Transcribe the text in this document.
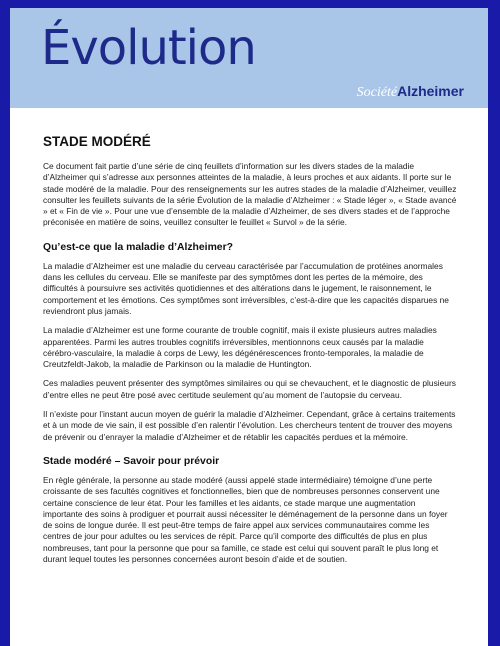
Évolution
SociétéAlzheimer
STADE MODÉRÉ

Ce document fait partie d’une série de cinq feuillets d’information sur les divers stades de la maladie d’Alzheimer qui s’adresse aux personnes atteintes de la maladie, à leurs proches et aux aidants. Il porte sur le stade modéré de la maladie. Pour des renseignements sur les autres stades de la maladie d’Alzheimer, veuillez consulter les feuillets suivants de la série Évolution de la maladie d’Alzheimer : « Stade léger », « Stade avancé » et « Fin de vie ». Pour une vue d’ensemble de la maladie d’Alzheimer, de ses divers stades et de l’approche préconisée en matière de soins, veuillez consulter le feuillet « Survol » de la série.

Qu’est-ce que la maladie d’Alzheimer?

La maladie d’Alzheimer est une maladie du cerveau caractérisée par l’accumulation de protéines anormales dans les cellules du cerveau. Elle se manifeste par des symptômes dont les pertes de la mémoire, des difficultés à poursuivre ses activités quotidiennes et des altérations dans le jugement, le raisonnement, le comportement et les émotions. Ces symptômes sont irréversibles, c’est-à-dire que les capacités disparues ne reviendront plus jamais.

La maladie d’Alzheimer est une forme courante de trouble cognitif, mais il existe plusieurs autres maladies apparentées. Parmi les autres troubles cognitifs irréversibles, mentionnons ceux causés par la maladie cérébro-vasculaire, la maladie à corps de Lewy, les dégénérescences fronto-temporales, la maladie de Creutzfeldt-Jakob, la maladie de Parkinson ou la maladie de Huntington.

Ces maladies peuvent présenter des symptômes similaires ou qui se chevauchent, et le diagnostic de plusieurs d’entre elles ne peut être posé avec certitude seulement qu’au moment de l’autopsie du cerveau.

Il n’existe pour l’instant aucun moyen de guérir la maladie d’Alzheimer. Cependant, grâce à certains traitements et à un mode de vie sain, il est possible d’en ralentir l’évolution. Les chercheurs tentent de trouver des moyens de prévenir ou d’enrayer la maladie d’Alzheimer et de rétablir les capacités perdues et la mémoire.

Stade modéré – Savoir pour prévoir

En règle générale, la personne au stade modéré (aussi appelé stade intermédiaire) témoigne d’une perte croissante de ses facultés cognitives et fonctionnelles, bien que de nombreuses personnes conservent une certaine conscience de leur état. Pour les familles et les aidants, ce stade marque une augmentation importante des soins à prodiguer et pourrait aussi nécessiter le déménagement de la personne dans un foyer de soins de longue durée. Il est peut-être temps de faire appel aux services communautaires comme les centres de jour pour adultes ou les services de répit. Parce qu’il comporte des difficultés de plus en plus nombreuses, tant pour la personne que pour sa famille, ce stade est celui qui souvent paraît le plus long et durant lequel toutes les personnes concernées auront besoin d’aide et de soutien.
